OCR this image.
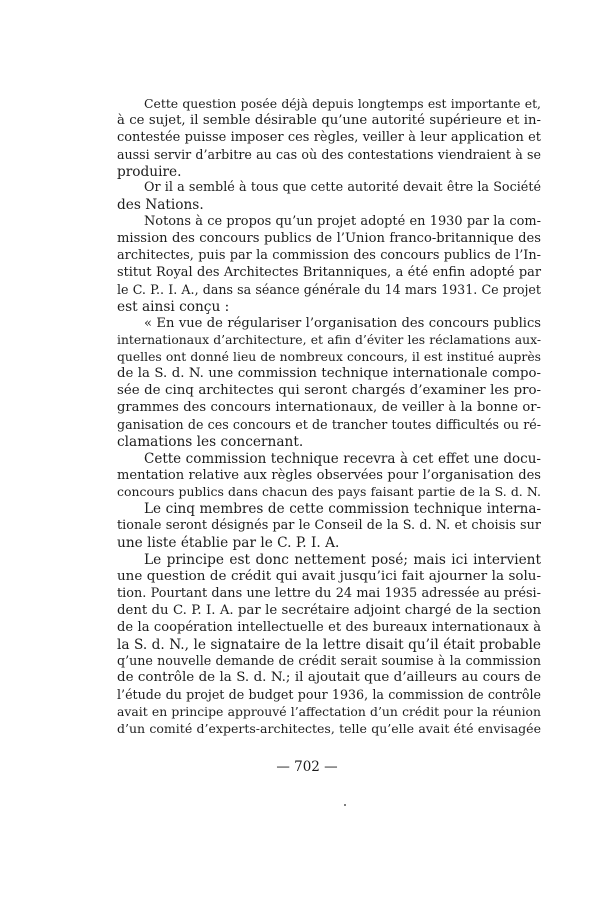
Cette question posée déjà depuis longtemps est importante et,
à ce sujet, il semble désirable qu’une autorité supérieure et in-
contestée puisse imposer ces règles, veiller à leur application et
aussi servir d’arbitre au cas où des contestations viendraient à se
produire.

Or il a semblé à tous que cette autorité devait être la Société
des Nations.

Notons à ce propos qu’un projet adopté en 1930 par la com-
mission des concours publics de l’Union franco-britannique des
architectes, puis par la commission des concours publics de l’In-
stitut Royal des Architectes Britanniques, a été enfin adopté par
le C. P.. I. A., dans sa séance générale du 14 mars 1931. Ce projet
est ainsi conçu :

« En vue de régulariser l’organisation des concours publics
internationaux d’architecture, et afin d’éviter les réclamations aux-
quelles ont donné lieu de nombreux concours, il est institué auprès
de la S. d. N. une commission technique internationale compo-
sée de cinq architectes qui seront chargés d’examiner les pro-
grammes des concours internationaux, de veiller à la bonne or-
ganisation de ces concours et de trancher toutes difficultés ou ré-
clamations les concernant.

Cette commission technique recevra à cet effet une docu-
mentation relative aux règles observées pour l’organisation des
concours publics dans chacun des pays faisant partie de la S. d. N.

Le cinq membres de cette commission technique interna-
tionale seront désignés par le Conseil de la S. d. N. et choisis sur
une liste établie par le C. P. I. A.

Le principe est donc nettement posé; mais ici intervient
une question de crédit qui avait jusqu’ici fait ajourner la solu-
tion. Pourtant dans une lettre du 24 mai 1935 adressée au prési-
dent du C. P. I. A. par le secrétaire adjoint chargé de la section
de la coopération intellectuelle et des bureaux internationaux à
la S. d. N., le signataire de la lettre disait qu’il était probable
q’une nouvelle demande de crédit serait soumise à la commission
de contrôle de la S. d. N.; il ajoutait que d’ailleurs au cours de
l’étude du projet de budget pour 1936, la commission de contrôle
avait en principe approuvé l’affectation d’un crédit pour la réunion
d’un comité d’experts-architectes, telle qu’elle avait été envisagée

— 702 —
